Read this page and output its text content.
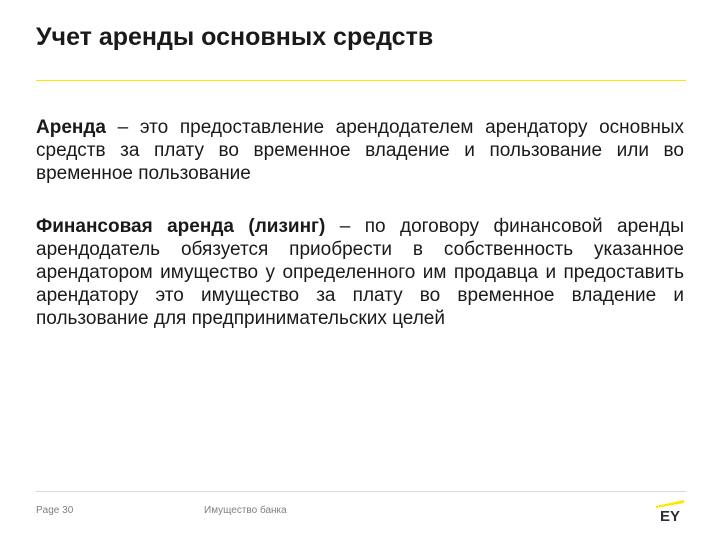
Учет аренды основных средств

Аренда – это предоставление арендодателем арендатору основных средств за плату во временное владение и пользование или во временное пользование

Финансовая аренда (лизинг) – по договору финансовой аренды арендодатель обязуется приобрести в собственность указанное арендатором имущество у определенного им продавца и предоставить арендатору это имущество за плату во временное владение и пользование для предпринимательских целей

Page 30	Имущество банка	EY
